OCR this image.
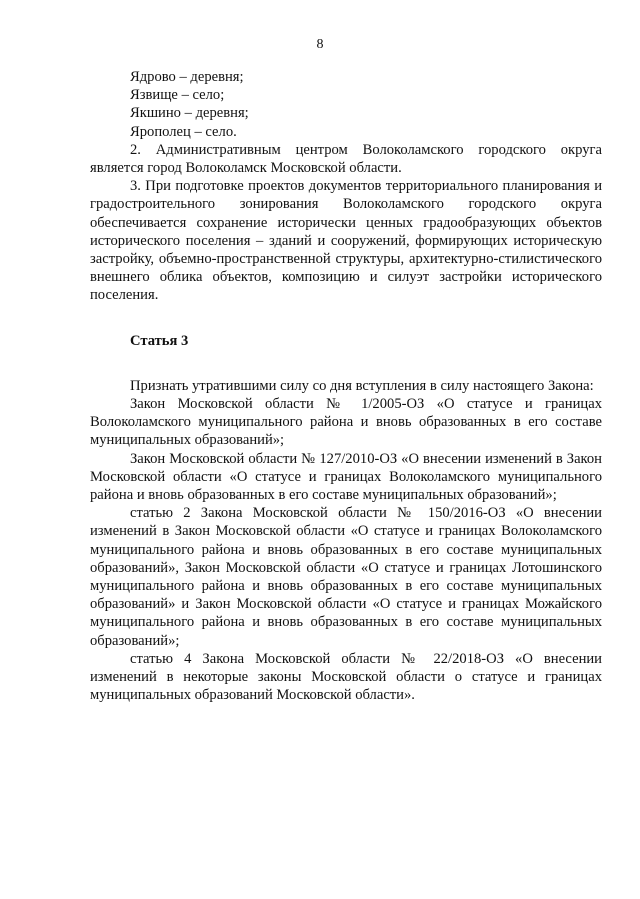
8

Ядрово – деревня;

Язвище – село;

Якшино – деревня;

Ярополец – село.

2. Административным центром Волоколамского городского округа является город Волоколамск Московской области.

3. При подготовке проектов документов территориального планирования и градостроительного зонирования Волоколамского городского округа обеспечивается сохранение исторически ценных градообразующих объектов исторического поселения – зданий и сооружений, формирующих историческую застройку, объемно-пространственной структуры, архитектурно-стилистического внешнего облика объектов, композицию и силуэт застройки исторического поселения.

Статья 3

Признать утратившими силу со дня вступления в силу настоящего Закона:

Закон Московской области № 1/2005-ОЗ «О статусе и границах Волоколамского муниципального района и вновь образованных в его составе муниципальных образований»;

Закон Московской области № 127/2010-ОЗ «О внесении изменений в Закон Московской области «О статусе и границах Волоколамского муниципального района и вновь образованных в его составе муниципальных образований»;

статью 2 Закона Московской области № 150/2016-ОЗ «О внесении изменений в Закон Московской области «О статусе и границах Волоколамского муниципального района и вновь образованных в его составе муниципальных образований», Закон Московской области «О статусе и границах Лотошинского муниципального района и вновь образованных в его составе муниципальных образований» и Закон Московской области «О статусе и границах Можайского муниципального района и вновь образованных в его составе муниципальных образований»;

статью 4 Закона Московской области № 22/2018-ОЗ «О внесении изменений в некоторые законы Московской области о статусе и границах муниципальных образований Московской области».
